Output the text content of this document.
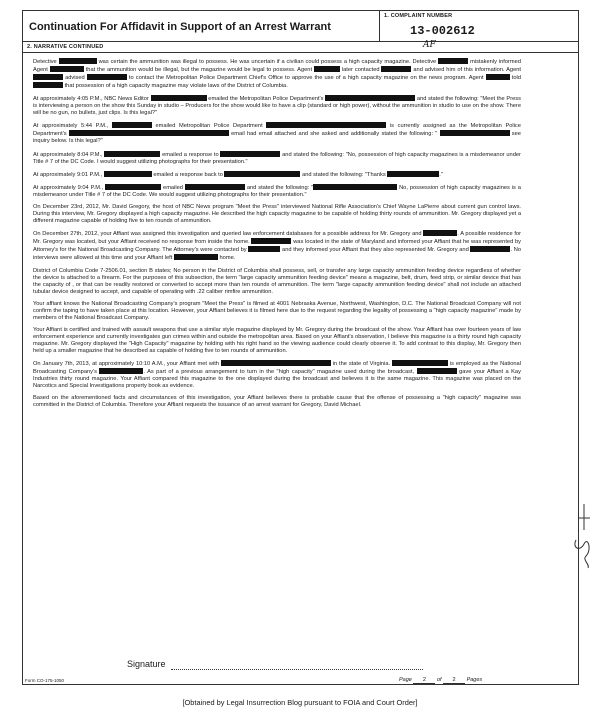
Continuation For Affidavit in Support of an Arrest Warrant
1. COMPLAINT NUMBER
13-002612
2. NARRATIVE CONTINUED	AF
Signature
Form CO-175-1050	Page 2 of 2 Pages

Detective	was certain the ammunition was illegal to possess. He was uncertain if a civilian could possess a high capacity magazine. Detective	mistakenly informed Agent	that the ammunition would be illegal, but the magazine would be legal to possess. Agent	later contacted	and advised him of this information. Agent  advised	to contact the Metropolitan Police Department Chief's Office to approve the use of a high capacity magazine on the news program. Agent	told  that possession of a high capacity magazine may violate laws of the District of Columbia.

At approximately 4:05 P.M., NBC News Editor	emailed the Metropolitan Police Department's	and stated the following: "Meet the Press is interviewing a person on the show this Sunday in studio – Producers for the show would like to have a clip (standard or high power), without the ammunition in studio to use on the show. There will be no gun, no bullets, just clips. Is this legal?"

At approximately 5:44 P.M.,	emailed Metropolitan Police Department	is currently assigned as the Metropolitan Police Department's	email had email attached and she asked and additionally stated the following: "	see inquiry below. Is this legal?"

At approximately 8:04 P.M.,	emailed a response to	and stated the following: "No, possession of high capacity magazines is a misdemeanor under Title # 7 of the DC Code. I would suggest utilizing photographs for their presentation."

At approximately 9:01 P.M.,	emailed a response back to	and stated the following: "Thanks	."

At approximately 9:04 P.M.,	emailed	and stated the following: "	No, possession of high capacity magazines is a misdemeanor under Title # 7 of the DC Code. We would suggest utilizing photographs for their presentation."

On December 23rd, 2012, Mr. David Gregory, the host of NBC News program "Meet the Press" interviewed National Rifle Association's Chief Wayne LaPierre about current gun control laws. During this interview, Mr. Gregory displayed a high capacity magazine. He described the high capacity magazine to be capable of holding thirty rounds of ammunition. Mr. Gregory displayed yet a different magazine capable of holding five to ten rounds of ammunition.

On December 27th, 2012, your Affiant was assigned this investigation and queried law enforcement databases for a possible address for Mr. Gregory and	. A possible residence for Mr. Gregory was located, but your Affiant received no response from inside the home.	was located in the state of Maryland and informed your Affiant that he was represented by Attorney's for the National Broadcasting Company. The Attorney's were contacted by	and they informed your Affiant that they also represented Mr. Gregory and	. No interviews were allowed at this time and your Affiant left	home.

District of Columbia Code 7-2506.01, section B states; No person in the District of Columbia shall possess, sell, or transfer any large capacity ammunition feeding device regardless of whether the device is attached to a firearm. For the purposes of this subsection, the term "large capacity ammunition feeding device" means a magazine, belt, drum, feed strip, or similar device that has the capacity of , or that can be readily restored or converted to accept more than ten rounds of ammunition. The term "large capacity ammunition feeding device" shall not include an attached tubular device designed to accept, and capable of operating with .22 caliber rimfire ammunition.

Your affiant knows the National Broadcasting Company's program "Meet the Press" is filmed at 4001 Nebraska Avenue, Northwest, Washington, D.C. The National Broadcast Company will not confirm the taping to have taken place at this location. However, your Affiant believes it is filmed here due to the request regarding the legality of possessing a "high capacity magazine" made by members of the National Broadcast Company.

Your Affiant is certified and trained with assault weapons that use a similar style magazine displayed by Mr. Gregory during the broadcast of the show. Your Affiant has over fourteen years of law enforcement experience and currently investigates gun crimes within and outside the metropolitan area. Based on your Affiant's observation, I believe this magazine is a thirty round high capacity magazine. Mr. Gregory displayed the "High Capacity" magazine by holding with his right hand so the viewing audience could clearly observe it. To add contrast to this display, Mr. Gregory then held up a smaller magazine that he described as capable of holding five to ten rounds of ammunition.

On January 7th, 2013, at approximately 10:10 A.M., your Affiant met with	in the state of Virginia.	is employed as the National Broadcasting Company's	. As part of a previous arrangement to turn in the "high capacity" magazine used during the broadcast,	gave your Affiant a Kay Industries thirty round magazine. Your Affiant compared this magazine to the one displayed during the broadcast and believes it is the same magazine. This magazine was placed on the Narcotics and Special Investigations property book as evidence.

Based on the aforementioned facts and circumstances of this investigation, your Affiant believes there is probable cause that the offense of possessing a "high capacity" magazine was committed in the District of Columbia. Therefore your Affiant requests the issuance of an arrest warrant for Gregory, David Michael.

[Obtained by Legal Insurrection Blog pursuant to FOIA and Court Order]
